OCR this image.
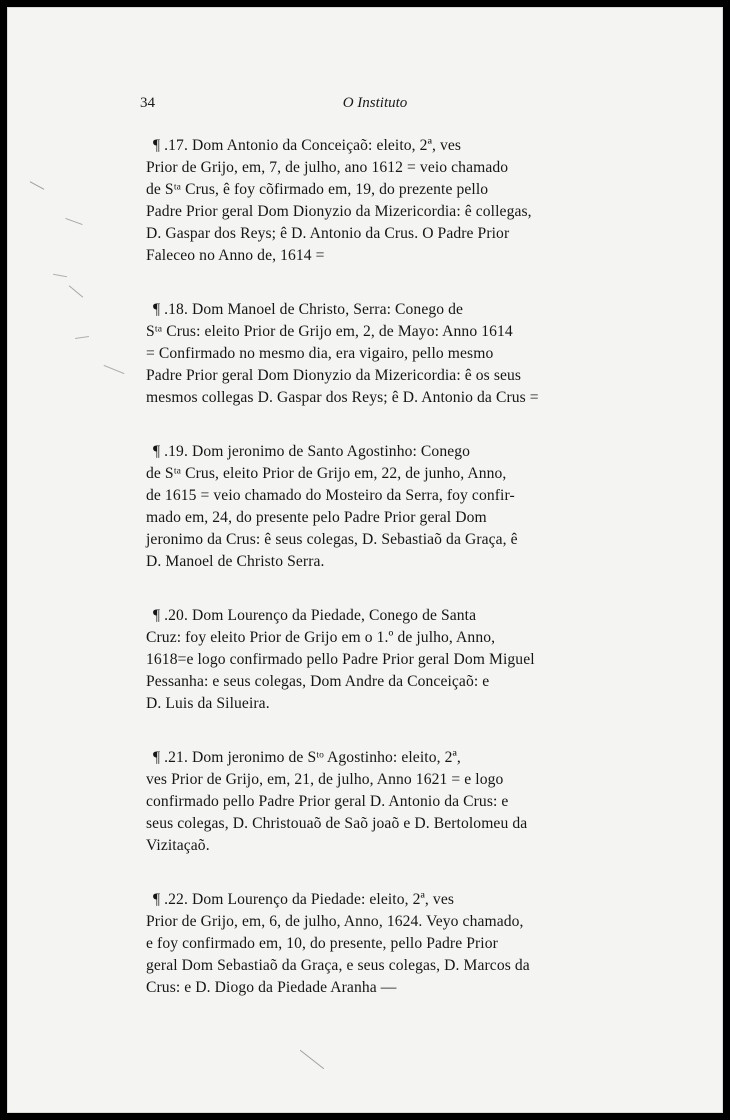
34	O Instituto
¶ .17. Dom Antonio da Conceiçaõ: eleito, 2ª, ves
Prior de Grijo, em, 7, de julho, ano 1612 = veio chamado
de Sᵗᵃ Crus, ê foy cõfirmado em, 19, do prezente pello
Padre Prior geral Dom Dionyzio da Mizericordia: ê collegas,
D. Gaspar dos Reys; ê D. Antonio da Crus. O Padre Prior
Faleceo no Anno de, 1614 =
¶ .18. Dom Manoel de Christo, Serra: Conego de
Sᵗᵃ Crus: eleito Prior de Grijo em, 2, de Mayo: Anno 1614
= Confirmado no mesmo dia, era vigairo, pello mesmo
Padre Prior geral Dom Dionyzio da Mizericordia: ê os seus
mesmos collegas D. Gaspar dos Reys; ê D. Antonio da Crus =
¶ .19. Dom jeronimo de Santo Agostinho: Conego
de Sᵗᵃ Crus, eleito Prior de Grijo em, 22, de junho, Anno,
de 1615 = veio chamado do Mosteiro da Serra, foy confir-
mado em, 24, do presente pelo Padre Prior geral Dom
jeronimo da Crus: ê seus colegas, D. Sebastiaõ da Graça, ê
D. Manoel de Christo Serra.
¶ .20. Dom Lourenço da Piedade, Conego de Santa
Cruz: foy eleito Prior de Grijo em o 1.º de julho, Anno,
1618=e logo confirmado pello Padre Prior geral Dom Miguel
Pessanha: e seus colegas, Dom Andre da Conceiçaõ: e
D. Luis da Silueira.
¶ .21. Dom jeronimo de Sᵗᵒ Agostinho: eleito, 2ª,
ves Prior de Grijo, em, 21, de julho, Anno 1621 = e logo
confirmado pello Padre Prior geral D. Antonio da Crus: e
seus colegas, D. Christouaõ de Saõ joaõ e D. Bertolomeu da
Vizitaçaõ.
¶ .22. Dom Lourenço da Piedade: eleito, 2ª, ves
Prior de Grijo, em, 6, de julho, Anno, 1624. Veyo chamado,
e foy confirmado em, 10, do presente, pello Padre Prior
geral Dom Sebastiaõ da Graça, e seus colegas, D. Marcos da
Crus: e D. Diogo da Piedade Aranha —
